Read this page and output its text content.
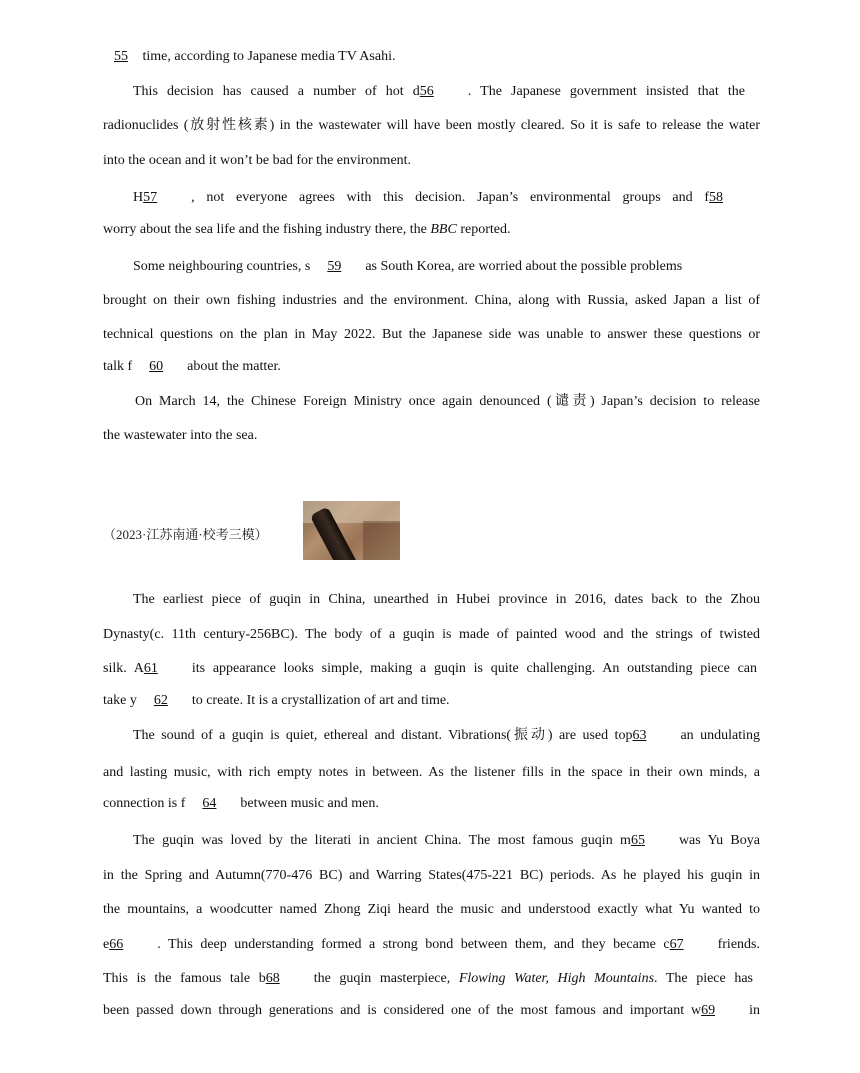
55 time, according to Japanese media TV Asahi.
This decision has caused a number of hot d56 . The Japanese government insisted that the
radionuclides (放射性核素) in the wastewater will have been mostly cleared. So it is safe to release the water
into the ocean and it won’t be bad for the environment.
H57 , not everyone agrees with this decision. Japan’s environmental groups and f58
worry about the sea life and the fishing industry there, the BBC reported.
Some neighbouring countries, s 59 as South Korea, are worried about the possible problems
brought on their own fishing industries and the environment. China, along with Russia, asked Japan a list of
technical questions on the plan in May 2022. But the Japanese side was unable to answer these questions or
talk f 60 about the matter.
On March 14, the Chinese Foreign Ministry once again denounced (谴责) Japan’s decision to release
the wastewater into the sea.
（2023·江苏南通·校考三模）
The earliest piece of guqin in China, unearthed in Hubei province in 2016, dates back to the Zhou
Dynasty(c. 11th century-256BC). The body of a guqin is made of painted wood and the strings of twisted
silk. A61 its appearance looks simple, making a guqin is quite challenging. An outstanding piece can
take y 62 to create. It is a crystallization of art and time.
The sound of a guqin is quiet, ethereal and distant. Vibrations(振动) are used top63 an undulating
and lasting music, with rich empty notes in between. As the listener fills in the space in their own minds, a
connection is f 64 between music and men.
The guqin was loved by the literati in ancient China. The most famous guqin m65 was Yu Boya
in the Spring and Autumn(770-476 BC) and Warring States(475-221 BC) periods. As he played his guqin in
the mountains, a woodcutter named Zhong Ziqi heard the music and understood exactly what Yu wanted to
e66 . This deep understanding formed a strong bond between them, and they became c67 friends.
This is the famous tale b68 the guqin masterpiece, Flowing Water, High Mountains. The piece has
been passed down through generations and is considered one of the most famous and important w69 in
